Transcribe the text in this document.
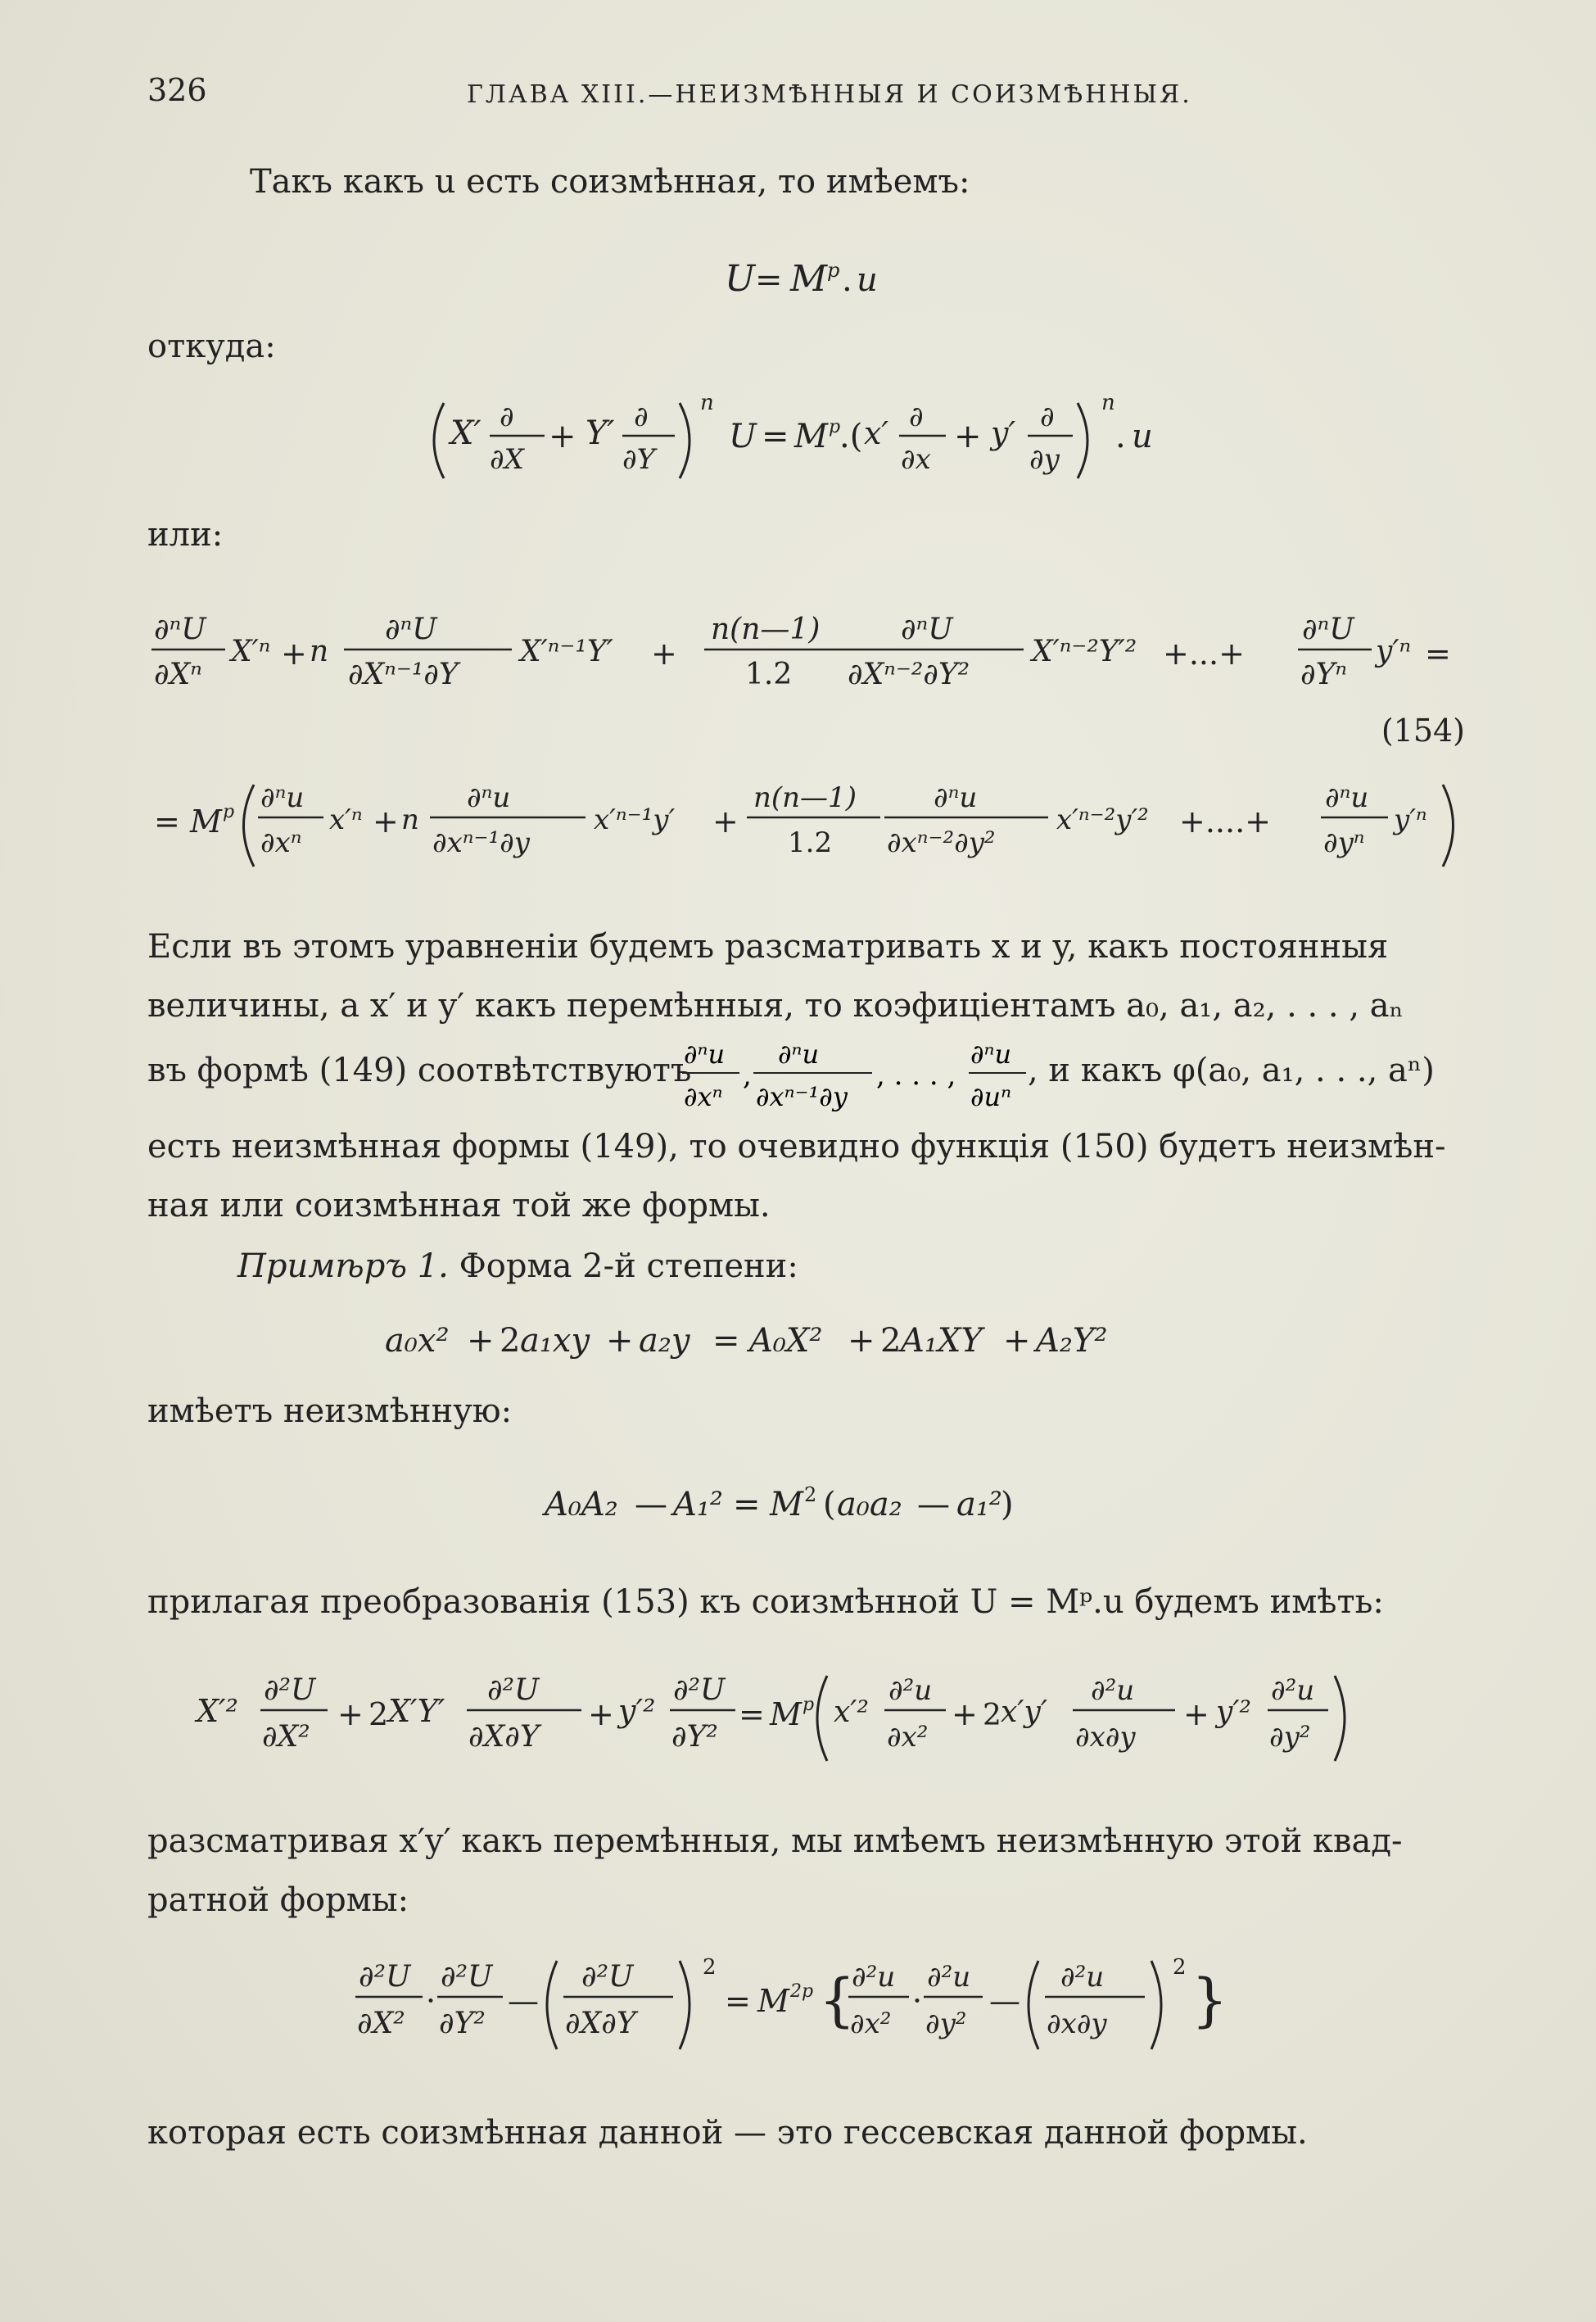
326	ГЛАВА XIII.—НЕИЗМѢННЫЯ И СОИЗМѢННЫЯ.
Такъ какъ u есть соизмѣнная, то имѣемъ:
U = M p . u
откуда:
X′ ∂
∂X
+ Y′ ∂
∂Y
n
U = M p
.( x′ ∂
∂x
+ y′ ∂
∂y
n
. u
или:
∂ⁿU
∂Xⁿ
X′ⁿ + n
∂ⁿU
∂Xⁿ⁻¹∂Y
X′ⁿ⁻¹Y′ +
n(n—1)
1.2
∂ⁿU
∂Xⁿ⁻²∂Y²
X′ⁿ⁻²Y′² +...+
∂ⁿU
∂Yⁿ
y′ⁿ =
(154)
= M p ∂ⁿu
∂xⁿ
x′ⁿ + n
∂ⁿu
∂xⁿ⁻¹∂y
x′ⁿ⁻¹y′ +
n(n—1)
1.2
∂ⁿu
∂xⁿ⁻²∂y²
x′ⁿ⁻²y′² +....+
∂ⁿu
∂yⁿ
y′ⁿ
Если въ этомъ уравненіи будемъ разсматривать x и y, какъ постоянныя
величины, а x′ и y′ какъ перемѣнныя, то коэфиціентамъ a₀, a₁, a₂, . . . , aₙ
въ формѣ (149) соотвѣтствуютъ
∂ⁿu
∂xⁿ
,
∂ⁿu
∂xⁿ⁻¹∂y
, . . . ,
∂ⁿu
∂uⁿ
, и какъ φ(a₀, a₁, . . ., aⁿ)
есть неизмѣнная формы (149), то очевидно функція (150) будетъ неизмѣн-
ная или соизмѣнная той же формы.
Примѣръ 1. Форма 2-й степени:
a₀x² + 2 a₁xy + a₂y = A₀X² + 2 A₁XY + A₂Y²
имѣетъ неизмѣнную:
A₀A₂ — A₁² = M 2 ( a₀a₂ — a₁²
)
прилагая преобразованія (153) къ соизмѣнной U = Mᵖ.u будемъ имѣть:
X′²
∂²U
∂X²
+ 2 X′Y′
∂²U
∂X∂Y
+ y′²
∂²U
∂Y²
= M p x′²
∂²u
∂x²
+ 2 x′y′
∂²u
∂x∂y
+ y′²
∂²u
∂y²
разсматривая x′y′ какъ перемѣнныя, мы имѣемъ неизмѣнную этой квад-
ратной формы:
∂²U
∂X²
·
∂²U
∂Y²
—
∂²U
∂X∂Y
2
= M 2p {
∂²u
∂x²
·
∂²u
∂y²
—
∂²u
∂x∂y
2 }
которая есть соизмѣнная данной — это гессевская данной формы.
